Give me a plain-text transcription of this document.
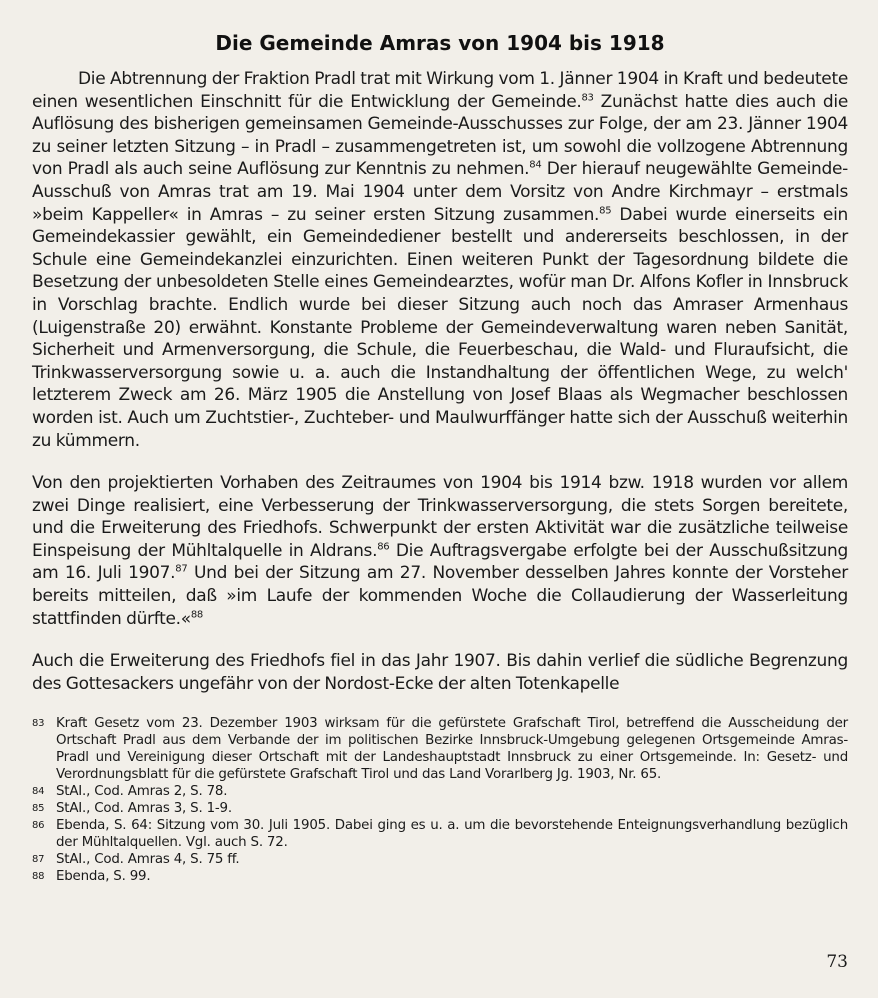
Die Gemeinde Amras von 1904 bis 1918

Die Abtrennung der Fraktion Pradl trat mit Wirkung vom 1. Jänner 1904 in Kraft und bedeutete einen wesentlichen Einschnitt für die Entwicklung der Gemeinde.$^{83}$ Zunächst hatte dies auch die Auflösung des bisherigen gemeinsamen Gemeinde-Ausschusses zur Folge, der am 23. Jänner 1904 zu seiner letzten Sitzung – in Pradl – zusammengetreten ist, um sowohl die vollzogene Abtrennung von Pradl als auch seine Auflösung zur Kenntnis zu nehmen.$^{84}$ Der hierauf neugewählte Gemeinde-Ausschuß von Amras trat am 19. Mai 1904 unter dem Vorsitz von Andre Kirchmayr – erstmals »beim Kappeller« in Amras – zu seiner ersten Sitzung zusammen.$^{85}$ Dabei wurde einerseits ein Gemeindekassier gewählt, ein Gemeindediener bestellt und andererseits beschlossen, in der Schule eine Gemeindekanzlei einzurichten. Einen weiteren Punkt der Tagesordnung bildete die Besetzung der unbesoldeten Stelle eines Gemeindearztes, wofür man Dr. Alfons Kofler in Innsbruck in Vorschlag brachte. Endlich wurde bei dieser Sitzung auch noch das Amraser Armenhaus (Luigenstraße 20) erwähnt. Konstante Probleme der Gemeindeverwaltung waren neben Sanität, Sicherheit und Armenversorgung, die Schule, die Feuerbeschau, die Wald- und Fluraufsicht, die Trinkwasserversorgung sowie u. a. auch die Instandhaltung der öffentlichen Wege, zu welch' letzterem Zweck am 26. März 1905 die Anstellung von Josef Blaas als Wegmacher beschlossen worden ist. Auch um Zuchtstier-, Zuchteber- und Maulwurffänger hatte sich der Ausschuß weiterhin zu kümmern.

Von den projektierten Vorhaben des Zeitraumes von 1904 bis 1914 bzw. 1918 wurden vor allem zwei Dinge realisiert, eine Verbesserung der Trinkwasserversorgung, die stets Sorgen bereitete, und die Erweiterung des Friedhofs. Schwerpunkt der ersten Aktivität war die zusätzliche teilweise Einspeisung der Mühltalquelle in Aldrans.$^{86}$ Die Auftragsvergabe erfolgte bei der Ausschußsitzung am 16. Juli 1907.87 Und bei der Sitzung am 27. November desselben Jahres konnte der Vorsteher bereits mitteilen, daß »im Laufe der kommenden Woche die Collaudierung der Wasserleitung stattfinden dürfte.«$^{88}$

Auch die Erweiterung des Friedhofs fiel in das Jahr 1907. Bis dahin verlief die südliche Begrenzung des Gottesackers ungefähr von der Nordost-Ecke der alten Totenkapelle

83 Kraft Gesetz vom 23. Dezember 1903 wirksam für die gefürstete Grafschaft Tirol, betreffend die Ausscheidung der Ortschaft Pradl aus dem Verbande der im politischen Bezirke Innsbruck-Umgebung gelegenen Ortsgemeinde Amras-Pradl und Vereinigung dieser Ortschaft mit der Landeshauptstadt Innsbruck zu einer Ortsgemeinde. In: Gesetz- und Verordnungsblatt für die gefürstete Grafschaft Tirol und das Land Vorarlberg Jg. 1903, Nr. 65.
84 StAI., Cod. Amras 2, S. 78.
85 StAI., Cod. Amras 3, S. 1-9.
86 Ebenda, S. 64: Sitzung vom 30. Juli 1905. Dabei ging es u. a. um die bevorstehende Enteignungsverhandlung bezüglich der Mühltalquellen. Vgl. auch S. 72.
87 StAI., Cod. Amras 4, S. 75 ff.
88 Ebenda, S. 99.
73
